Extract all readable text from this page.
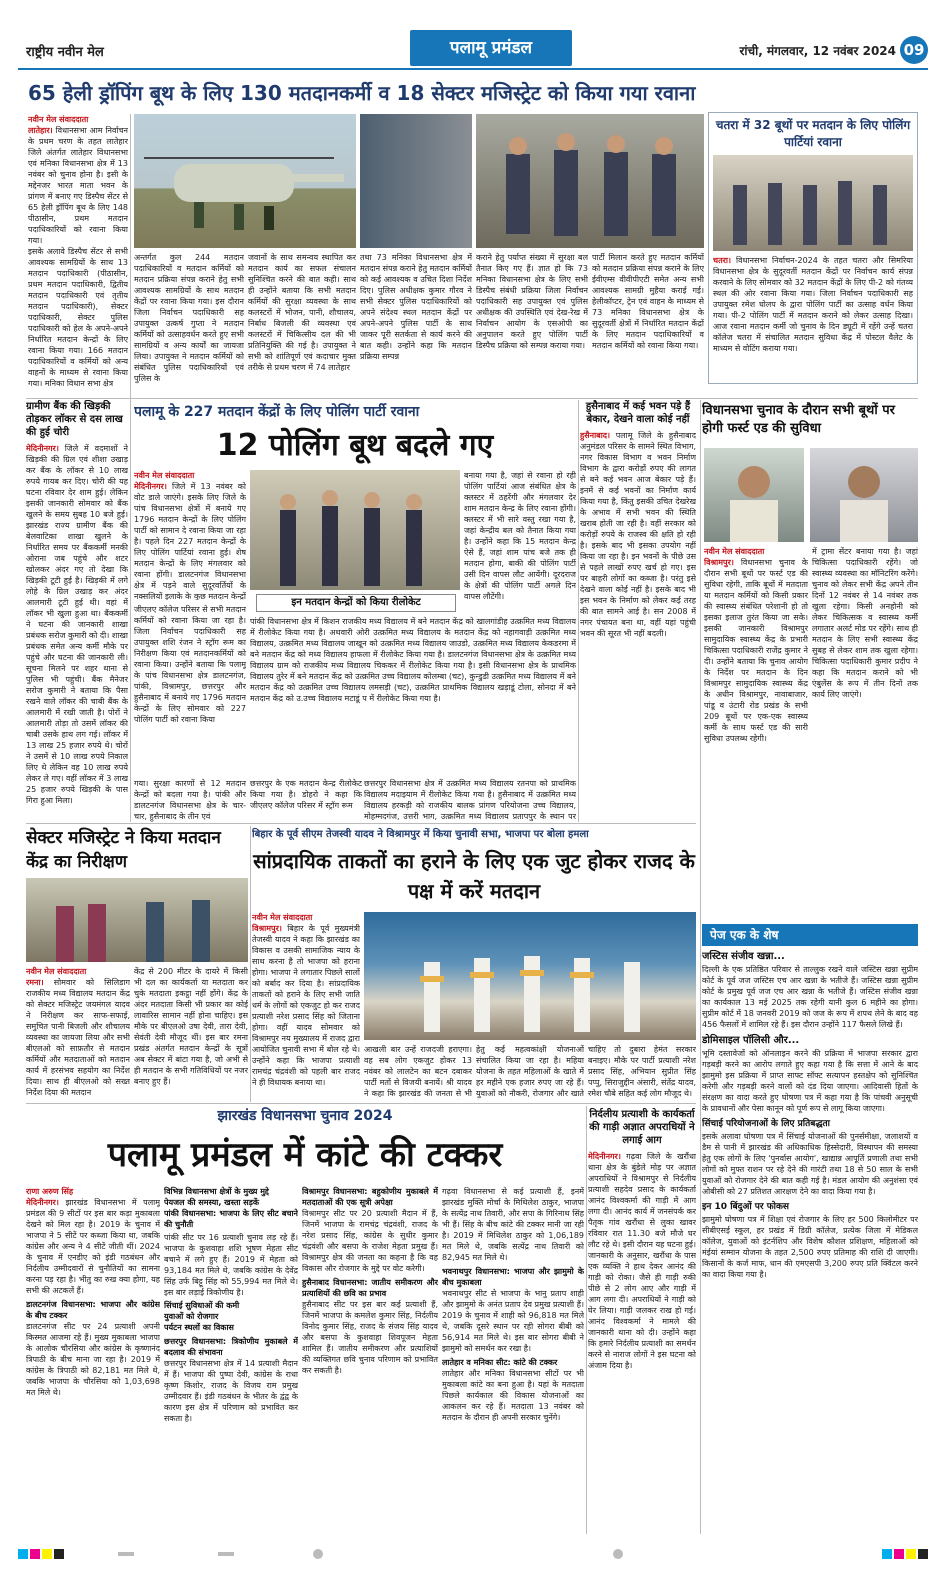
राष्ट्रीय नवीन मेल	पलामू प्रमंडल	रांची, मंगलवार, 12 नवंबर 2024 09
65 हेली ड्रॉपिंग बूथ के लिए 130 मतदानकर्मी व 18 सेक्टर मजिस्ट्रेट को किया गया रवाना
नवीन मेल संवाददाता

लातेहार। विधानसभा आम निर्वाचन के प्रथम चरण के तहत लातेहार जिले अंतर्गत लातेहार विधानसभा एवं मनिका विधानसभा क्षेत्र में 13 नवंबर को चुनाव होना है। इसी के मद्देनजर भारत माता भवन के प्रांगण में बनाए गए डिस्पैच सेंटर से 65 हेली ड्रॉपिंग बूथ के लिए 148 पीठासीन, प्रथम मतदान पदाधिकारियों को रवाना किया गया।

इसके अलावे डिस्पैच सेंटर से सभी आवश्यक सामग्रियों के साथ 13 मतदान पदाधिकारी (पीठासीन, प्रथम मतदान पदाधिकारी, द्वितीय मतदान पदाधिकारी एवं तृतीय मतदान पदाधिकारी), सेक्टर पदाधिकारी, सेक्टर पुलिस पदाधिकारी को हेल के अपने-अपने निर्धारित मतदान केन्द्रों के लिए रवाना किया गया। 166 मतदान पदाधिकारियों व कर्मियों को अन्य वाहनों के माध्यम से रवाना किया गया। मनिका विधान सभा क्षेत्र

अन्तर्गत कुल 244 मतदान पदाधिकारियों व मतदान कर्मियों को मतदान प्रक्रिया संपन्न कराने हेतु सभी आवश्यक सामग्रियों के साथ मतदान केंद्रों पर रवाना किया गया। इस दौरान जिला निर्वाचन पदाधिकारी सह उपायुक्त उत्कर्ष गुप्ता ने मतदान कर्मियों को उत्साहवर्धन करते हुए सभी सामग्रियों व अन्य कार्यों का जायजा लिया। उपायुक्त ने मतदान कर्मियों को संबंधित पुलिस पदाधिकारियों एवं पुलिस के
जवानों के साथ समन्वय स्थापित कर मतदान कार्य का सफल संचालन सुनिश्चित करने की बात कही। साथ ही उन्होंने बताया कि सभी मतदान कर्मियों की सुरक्षा व्यवस्था के साथ कलस्टरों में भोजन, पानी, शौचालय, निर्बाध बिजली की व्यवस्था एवं कलस्टरों में चिकित्सीय दल की भी प्रतिनियुक्ति की गई है। उपायुक्त ने सभी को शांतिपूर्ण एवं कदाचार मुक्त तरीके से प्रथम चरण में 74 लातेहार
तथा 73 मनिका विधानसभा क्षेत्र में मतदान संपन्न कराने हेतु मतदान कर्मियों को कई आवश्यक व उचित दिशा निर्देश दिए। पुलिस अधीक्षक कुमार गौरव ने सभी सेक्टर पुलिस पदाधिकारियों को अपने संदेश्य स्थल मतदान केंद्रों पर अपने-अपने पुलिस पार्टी के साथ जाकर पूरी सतर्कता से कार्य करने की बात कही। उन्होंने कहा कि मतदान प्रक्रिया सम्पन्न
कराने हेतु पर्याप्त संख्या में सुरक्षा बल तैनात किए गए हैं। ज्ञात हो कि 73 मनिका विधानसभा क्षेत्र के लिए सभी डिस्पैच संबंधी प्रक्रिया जिला निर्वाचन पदाधिकारी सह उपायुक्त एवं पुलिस अधीक्षक की उपस्थिति एवं देख-रेख में निर्वाचन आयोग के एसओपी का अनुपालन करते हुए पोलिंग पार्टी डिस्पैच प्रक्रिया को सम्पन्न कराया गया।
पार्टी मिलान करते हुए मतदान कर्मियों को मतदान प्रक्रिया संपन्न कराने के लिए ईवीएम्स वीवीपीएटी समेत अन्य सभी आवश्यक सामग्री मुहैया कराई गई। हेलीकॉप्टर, ट्रेन एवं वाहन के माध्यम से 73 मनिका विधानसभा क्षेत्र के सुदूरवर्ती क्षेत्रों में निर्धारित मतदान केंद्रों के लिए मतदान पदाधिकारियों व मतदान कर्मियों को रवाना किया गया।
चतरा में 32 बूथों पर मतदान के लिए पोलिंग पार्टियां रवाना
चतरा। विधानसभा निर्वाचन-2024 के तहत चतरा और सिमरिया विधानसभा क्षेत्र के सुदूरवर्ती मतदान केंद्रों पर निर्वाचन कार्य संपन्न करवाने के लिए सोमवार को 32 मतदान केंद्रों के लिए पी-2 को गंतव्य स्थल की ओर रवाना किया गया। जिला निर्वाचन पदाधिकारी सह उपायुक्त रमेश घोलप के द्वारा पोलिंग पार्टी का उत्साह वर्धन किया गया। पी-2 पोलिंग पार्टी में मतदान कराने को लेकर उत्साह दिखा। आज रवाना मतदान कर्मी जो चुनाव के दिन ड्यूटी में रहेंगे उन्हें चतरा कॉलेज चतरा में संचालित मतदान सुविधा केंद्र में पोस्टल वैलेट के माध्यम से वोटिंग कराया गया।
ग्रामीण बैंक की खिड़की तोड़कर लॉकर से दस लाख की हुई चोरी
मेदिनीनगर। जिले में वदमाशों ने खिड़की की ग्रिल एवं शीशा उखाड़ कर बैंक के लॉकर से 10 लाख रुपये गायब कर दिए। चोरी की यह घटना रविवार देर शाम हुई। लेकिन इसकी जानकारी सोमवार को बैंक खुलने के समय सुबह 10 बजे हुई। झारखंड राज्य ग्रामीण बैंक की बेलवाटिका शाखा खुलने के निर्धारित समय पर बैंककर्मी मनकी ओराना जब पहुंचे और शटर खोलकर अंदर गए तो देखा कि खिड़की टूटी हुई है। खिड़की में लगे लोहे के ग्रिल उखाड़ कर अंदर आलमारी टूटी हुई थी। वहां में लॉकर भी खुला हुआ था। बैंककर्मी ने घटना की जानकारी शाखा प्रबंधक सरोज कुमारी को दी। शाखा प्रबंधक समेत अन्य कर्मी मौके पर पहुंचे और घटना की जानकारी ली। सूचना मिलने पर शहर थाना से पुलिस भी पहुंची। बैंक मैनेजर सरोज कुमारी ने बताया कि पैसा रखने वाले लॉकर की चाबी बैंक के आलमारी में रखी जाती है। पोरों ने आलमारी तोड़ा तो उसमें लॉकर की चाबी उसके हाथ लग गई। लॉकर में 13 लाख 25 हजार रुपये थे। चोरों ने उसमें से 10 लाख रुपये निकाल लिए थे लेकिन वह 10 लाख रुपये लेकर ले गए। वहीं लॉकर में 3 लाख 25 हजार रुपये खिड़की के पास गिरा हुआ मिला।
पलामू के 227 मतदान केंद्रों के लिए पोलिंग पार्टी रवाना
12 पोलिंग बूथ बदले गए
नवीन मेल संवाददाता
मेदिनीनगर। जिले में 13 नवंबर को वोट डाले जाएंगे। इसके लिए जिले के पांच विधानसभा क्षेत्रों में बनाये गए 1796 मतदान केन्द्रों के लिए पोलिंग पार्टी को सामान दे रवाना किया जा रहा है। पहले दिन 227 मतदान केन्द्रों के लिए पोलिंग पार्टियां रवाना हुई। शेष मतदान केन्द्रों के लिए मंगलवार को रवाना होंगी। डालटनगंज विधानसभा क्षेत्र में पड़ने वाले सुदूरवर्तियों के नक्सलियों इलाके के कुछ मतदान केन्द्रों
बनाया गया है, जहां से रवाना हो रही पोलिंग पार्टियां आज संबंधित क्षेत्र के क्लस्टर में ठहरेंगी और मंगलवार देर शाम मतदान केन्द्र के लिए रवाना होंगी। क्लस्टर में भी सारे वस्तु रखा गया है, जहां केन्द्रीय बल को तैनात किया गया है। उन्होंने कहा कि 15 मतदान केन्द्र ऐसे हैं, जहां शाम पांच बजे तक ही मतदान होगा, बाकी की पोलिंग पार्टी उसी दिन वापस लौट आयेंगी। दूरदराज के क्षेत्रों की पोलिंग पार्टी अगले दिन वापस लौटेंगी।
इन मतदान केन्द्रों को किया रीलोकेट
जीएलए कॉलेज परिसर से सभी मतदान कर्मियों को रवाना किया जा रहा है। जिला निर्वाचन पदाधिकारी सह उपायुक्त शशि रंजन ने स्ट्रॉग रूम का निरीक्षण किया एवं मतदानकर्मियों को रवाना किया। उन्होंने बताया कि पलामू के पांच विधानसभा क्षेत्र डालटनगंज, पांकी, विश्रामपुर, छत्तरपुर और हुसैनाबाद में बनाये गए 1796 मतदान केन्द्रों के लिए सोमवार को 227 पोलिंग पार्टी को रवाना किया
पांकी विधानसभा क्षेत्र में किशन राजकीय मध्य विद्यालय में बने मतदान केंद्र को खालगांडीह उत्क्रमित मध्य विद्यालय में रीलोकेट किया गया है। अथवारी ओरी उत्क्रमित मध्य विद्यालय के मतदान केंद्र को नहागवाड़ी उत्क्रमित मध्य विद्यालय, उत्क्रमित मध्य विद्यालय जाखून को उत्क्रमित मध्य विद्यालय जाउडो, उत्क्रमित मध्य विद्यालय केकडरमा में बने मतदान केंद्र को मध्य विद्यालय हाफला में रीलोकेट किया गया है। डालटनगंज विधानसभा क्षेत्र के उत्क्रमित मध्य विद्यालय ग्राम को राजकीय मध्य विद्यालय चिककर में रीलोकेट किया गया है। इसी विधानसभा क्षेत्र के प्राथमिक विद्यालय तुरेर में बने मतदान केंद्र को उत्क्रमित उच्च विद्यालय कोलम्बा (चट), कुन्डुडी उत्क्रमित मध्य विद्यालय में बने मतदान केंद्र को उत्क्रमित उच्च विद्यालय लमसड़ी (चट), उत्क्रमित प्राथमिक विद्यालय खड़ाडूं टोला, सोनदा में बने मतदान केंद्र को उ.उच्च विद्यालय मटाडूं प में रीलोकेट किया गया है।
गया। सुरक्षा कारणों से 12 मतदान केन्द्रों को बदला गया है। पांकी और डालटनगंज विधानसभा क्षेत्र के चार-चार, हुसैनाबाद के तीन एवं
छत्तरपुर के एक मतदान केन्द्र रीलोकेट किया गया है। डोहरो ने कहा कि जीएलए कॉलेज परिसर में स्ट्रॉग रूम
छत्तरपुर विधानसभा क्षेत्र में उत्क्रमित मध्य विद्यालय रतनपा को प्राथमिक विद्यालय मदाइयाम में रीलोकेट किया गया है। हुसैनाबाद में उत्क्रमित मध्य विद्यालय हरकड़ी को राजकीय बालक प्रांगण परियोजना उच्च विद्यालय, मोहम्मदगंज, उत्तरी भाग, उत्क्रमित मध्य विद्यालय प्रतापपुर के स्थान पर
हुसैनाबाद में कई भवन पड़े हैं बेकार, देखने वाला कोई नहीं
हुसैनाबाद। पलामू जिले के हुसैनाबाद अनुमंडल परिसर के सामने स्थित विभाग, नगर विकास विभाग व भवन निर्माण विभाग के द्वारा करोड़ों रुपए की लागत से बने कई भवन आज बेकार पड़े हैं। इनमें से कई भवनों का निर्माण कार्य किया गया है, किंतु इसकी उचित देखरेख के अभाव में सभी भवन की स्थिति खराब होती जा रही है। वहीं सरकार को करोड़ों रुपये के राजस्व की क्षति हो रही है। इसके बाद भी इसका उपयोग नहीं किया जा रहा है। इन भवनों के पीछे उस से पहले लाखों रुपए खर्च हो गए। इस पर बाहरी लोगों का कब्जा है। परंतु इसे देखने वाला कोई नहीं है। इसके बाद भी इस भवन के निर्माण को लेकर कई तरह की बात सामने आई है। सन 2008 में नगर पंचायत बना था, वहीं यहां पहुंची भवन की सूरत भी नहीं बदली।
विधानसभा चुनाव के दौरान सभी बूथों पर होगी फर्स्ट एड की सुविधा
नवीन मेल संवाददाता
विश्रामपुर। विधानसभा चुनाव के दौरान सभी बूथों पर फर्स्ट एड की सुविधा रहेगी, ताकि बूथों में मतदाता या मतदान कर्मियों को किसी प्रकार की स्वास्थ्य संबंधित परेशानी हो तो इसका इलाज तुरंत किया जा सके। इसकी जानकारी विश्रामपुर सामुदायिक स्वास्थ्य केंद्र के प्रभारी चिकित्सा पदाधिकारी राजेंद्र कुमार ने दी। उन्होंने बताया कि चुनाव आयोग के निर्देश पर मतदान के दिन विश्रामपुर सामुदायिक स्वास्थ्य केंद्र के अधीन विश्रामपुर, नावाबाजार, पांडू व उंटारी रोड प्रखंड के सभी 209 बूथों पर एक-एक स्वास्थ्य कर्मी के साथ फर्स्ट एड की सारी सुविधा उपलब्ध रहेगी।
में ट्रामा सेंटर बनाया गया है। जहां चिकित्सा पदाधिकारी रहेंगे। जो स्वास्थ्य व्यवस्था का मॉनिटरिंग करेंगे। चुनाव को लेकर सभी केंद्र अपने तीन दिनों 12 नवंबर से 14 नवंबर तक खुला रहेगा। किसी अनहोनी को लेकर चिकित्सक व स्वास्थ्य कर्मी लगातार अलर्ट मोड पर रहेंगे। साथ ही मतदान के लिए सभी स्वास्थ्य केंद्र सुबह से लेकर शाम तक खुला रहेगा। चिकित्सा पदाधिकारी कुमार प्रदीप ने कहा कि मतदान कराने को भी एंबुलेंस के रूप में तीन दिनों तक कार्य लिए जाएंगे।
सेक्टर मजिस्ट्रेट ने किया मतदान केंद्र का निरीक्षण
नवीन मेल संवाददाता
रमना। सोमवार को सिलिडाग राजकीय मध्य विद्यालय मतदान केंद्र को सेक्टर मजिस्ट्रेट जयमंगल यादव ने निरीक्षण कर साफ-सफाई, समुचित पानी बिजली और शौचालय व्यवस्था का जायजा लिया और सभी बीएलओ को साफ़तौर से मतदान कर्मियों और मतदाताओं को मतदान कार्य में हरसंभव सहयोग का निर्देश दिया। साथ ही बीएलओ को सख्त निर्देश दिया की मतदान
केंद्र से 200 मीटर के दायरे में किसी भी दल का कार्यकर्ता या मतदाता कर चुके मतदाता इकट्ठा नहीं होंगे। केंद्र के अंदर मतदाता किसी भी प्रकार का कोई लावारिस सामान नहीं होना चाहिए। इस मौके पर बीएलओ उषा देवी, तारा देवी, सेवंती देवी मौजूद थीं। इस बार रमना प्रखंड अंतर्गत मतदान केन्द्रों के सूत्रों अब सेक्टर में बांटा गया है, जो अभी से ही मतदान के सभी गतिविधियों पर नजर बनाए हुए हैं।
बिहार के पूर्व सीएम तेजस्वी यादव ने विश्रामपुर में किया चुनावी सभा, भाजपा पर बोला हमला
सांप्रदायिक ताकतों का हराने के लिए एक जुट होकर राजद के पक्ष में करें मतदान
नवीन मेल संवाददाता
विश्रामपुर। बिहार के पूर्व मुख्यमंत्री तेजस्वी यादव ने कहा कि झारखंड का विकास व उसकी सामाजिक न्याय के साथ करना है तो भाजपा को हराना होगा। भाजपा ने लगातार पिछले सालों को बर्बाद कर दिया है। सांप्रदायिक ताकतों को हराने के लिए सभी जाति धर्म के लोगों को एकजुट हो कर राजद प्रत्याशी नरेश प्रसाद सिंह को जिताना होगा। वहीं यादव सोमवार को विश्रामपुर नय मुख्यालय में राजद द्वारा आयोजित चुनावी सभा में बोल रहे थे। उन्होंने कहा कि भाजपा प्रत्याशी रामचंद्र चंद्रवंशी को पहली बार राजद ने ही विधायक बनाया था।
आखली बार उन्हें राजदजी हराएगा। वह सब लोग एकजुट होकर 13 नवंबर को लालटेन का बटन दबाकर पार्टी मतों से विजयी बनायें। श्री यादव ने कहा कि झारखंड की जनता से भी
हेतु कई महत्वकांक्षी योजनाओं संचालित किया जा रहा है। महिया योजना के तहत महिलाओं के खाते में हर महीने एक हजार रुपए जा रहे हैं। युवाओं को नौकरी, रोजगार और खाते
चाहिए तो दुबारा हेमंत सरकार बनाइए। मौके पर पार्टी प्रत्याशी नरेश प्रसाद सिंह, अभियान सुप्रीत सिंह पप्पु, सिराजुद्दीन अंसारी, संतेंद्र यादव, रमेश चौबे सहित कई लोग मौजूद थे।
निर्दलीय प्रत्याशी के कार्यकर्ता की गाड़ी अज्ञात अपराधियों ने लगाई आग
मेदिनीनगर। गढ़वा जिले के खरौंधा थाना क्षेत्र के बुंडेले मोड़ पर अज्ञात अपराधियों ने विश्रामपुर से निर्दलीय प्रत्याशी सहदेव प्रसाद के कार्यकर्ता आनंद विश्वकर्मा की गाड़ी में आग लगा दी। आनंद कार्य में जनसंपर्क कर पैतृक गांव खरौंधा से लुका खावर रविवार रात 11.30 बजे मौजे घर लौट रहे थे। इसी दौरान यह घटना हुई। जानकारी के अनुसार, खरौंधा के पास एक व्यक्ति ने हाथ देकर आनंद की गाड़ी को रोका। जैसे ही गाड़ी रुकी पीछे से 2 लोग आए और गाड़ी में आग लगा दी। अपराधियों ने गाड़ी को घेर लिया। गाड़ी जलकर राख हो गई। आनंद विश्वकर्मा ने मामले की जानकारी थाना को दी। उन्होंने कहा कि हमारे निर्दलीय प्रत्याशी का समर्थन करने से नाराज लोगों ने इस घटना को अंजाम दिया है।
पेज एक के शेष
जस्टिस संजीव खन्ना...
दिल्ली के एक प्रतिष्ठित परिवार से ताल्लुक रखने वाले जस्टिस खन्ना सुप्रीम कोर्ट के पूर्व जज जस्टिस एच आर खन्ना के भतीजे हैं। जस्टिस खन्ना सुप्रीम कोर्ट के प्रमुख पूर्व जज एच आर खन्ना के भतीजे हैं। जस्टिस संजीव खन्ना का कार्यकाल 13 मई 2025 तक रहेगी यानी कुल 6 महीने का होगा। सुप्रीम कोर्ट में 18 जनवरी 2019 को जज के रूप में शपथ लेने के बाद वह 456 फैसलों में शामिल रहे हैं। इस दौरान उन्होंने 117 फैसले लिखे हैं।
डोमिसाइल पॉलिसी और...
भूमि दस्तावेजों को ऑनलाइन करने की प्रक्रिया में भाजपा सरकार द्वारा गड़बड़ी करने का आरोप लगाते हुए कहा गया है कि सत्ता में आने के बाद झामुमो इस प्रक्रिया में प्राप्त साफ्ट सॉफ्ट सत्यापन हस्तक्षेप को सुनिश्चित करेगी और गड़बड़ी करने वालों को दंड दिया जाएगा। आदिवासी हितों के संरक्षण का वादा करते हुए घोषणा पत्र में कहा गया है कि पांचवी अनुसूची के प्रावधानों और पेसा कानून को पूर्ण रूप से लागू किया जाएगा।
सिंचाई परियोजनाओं के लिए प्रतिबद्धता
इसके अलावा घोषणा पत्र में सिंचाई योजनाओं की पुनर्समीक्षा, जलाशयों व डैम से पानी में झारखंड की अधिकाधिक हिस्सेदारी, विस्थापन की समस्या हेतु एक लोगों के लिए 'पुनर्वास आयोग', खाद्यान्न आपूर्ति प्रणाली तथा सभी लोगों को मुफ्त राशन पर रहे देने की गारंटी तथा 18 से 50 साल के सभी युवाओं को रोजगार देने की बात कही गई है। मंडल आयोग की अनुशंसा एवं ओबीसी को 27 प्रतिशत आरक्षण देने का वादा किया गया है।
इन 10 बिंदुओं पर फोकस
झामुमो घोषणा पत्र में शिक्षा एवं रोजगार के लिए हर 500 किलोमीटर पर सीबीएसई स्कूल, हर प्रखंड में डिग्री कॉलेज, प्रत्येक जिला में मेडिकल कॉलेज, युवाओं को इंटर्नशिप और विशेष कौशल प्रशिक्षण, महिलाओं को मंईयां सम्मान योजना के तहत 2,500 रुपए प्रतिमाह की राशि दी जाएगी। किसानों के कर्ज माफ, धान की एमएसपी 3,200 रुपए प्रति क्विंटल करने का वादा किया गया है।
झारखंड विधानसभा चुनाव 2024
पलामू प्रमंडल में कांटे की टक्कर
राणा अरुण सिंह
मेदिनीनगर। झारखंड विधानसभा में पलामू प्रमंडल की 9 सीटों पर इस बार कड़ा मुकाबला देखने को मिल रहा है। 2019 के चुनाव में भाजपा ने 5 सीटें पर कब्जा किया था, जबकि कांग्रेस और अन्य ने 4 सीटें जीती थीं। 2024 के चुनाव में एनडीए को इंडी गठबंधन और निर्दलीय उम्मीदवारों से चुनौतियों का सामना करना पड़ रहा है। भीतु का रुख क्या होगा, यह सभी की अटकलें हैं।
डालटनगंज विधानसभा: भाजपा और कांग्रेस के बीच टक्कर
डालटनगंज सीट पर 24 प्रत्याशी अपनी किस्मत आजमा रहे हैं। मुख्य मुकाबला भाजपा के आलोक चौरसिया और कांग्रेस के कृष्णानंद त्रिपाठी के बीच माना जा रहा है। 2019 में कांग्रेस के त्रिपाठी को 82,181 मत मिले थे, जबकि भाजपा के चौरसिया को 1,03,698 मत मिले थे।
विभिन्न विधानसभा क्षेत्रों के मुख्य मुद्दे
पेयजल की समस्या, खस्ता सड़कें
पांकी विधानसभा: भाजपा के लिए सीट बचाने की चुनौती
पांकी सीट पर 16 प्रत्याशी चुनाव लड़ रहे हैं। भाजपा के कुशवाहा शशि भूषण मेहता सीट बचाने में लगे हुए हैं। 2019 में मेहता को 93,184 मत मिले थे, जबकि कांग्रेस के देवेंद्र सिंह उर्फ बिट्टू सिंह को 55,994 मत मिले थे। इस बार लड़ाई त्रिकोणीय है।
सिंचाई सुविधाओं की कमी
युवाओं को रोजगार
पर्यटन स्थलों का विकास
छत्तरपुर विधानसभा: त्रिकोणीय मुकाबले में बदलाव की संभावना
छत्तरपुर विधानसभा क्षेत्र में 14 प्रत्याशी मैदान में हैं। भाजपा की पुष्पा देवी, कांग्रेस के राधा कृष्ण किशोर, राजद के विजय राम प्रमुख उम्मीदवार हैं। इंडी गठबंधन के भीतर के द्वंद्व के कारण इस क्षेत्र में परिणाम को प्रभावित कर सकता है।
विश्रामपुर विधानसभा: बहुकोणीय मुकाबले में मतदाताओं की एक सूत्री अपेक्षा
विश्रामपुर सीट पर 20 प्रत्याशी मैदान में हैं, जिनमें भाजपा के रामचंद्र चंद्रवंशी, राजद के नरेश प्रसाद सिंह, कांग्रेस के सुधीर कुमार चंद्रवंशी और बसपा के राजेश मेहता प्रमुख हैं। विश्रामपुर क्षेत्र की जनता का कहना है कि वह विकास और रोजगार के मुद्दे पर वोट करेगी।
हुसैनाबाद विधानसभा: जातीय समीकरण और प्रत्याशियों की छवि का प्रभाव
हुसैनाबाद सीट पर इस बार कई प्रत्याशी हैं, जिनमें भाजपा के कमलेश कुमार सिंह, निर्दलीय विनोद कुमार सिंह, राजद के संजय सिंह यादव और बसपा के कुशवाहा शिवपूजन मेहता शामिल हैं। जातीय समीकरण और प्रत्याशियों की व्यक्तिगत छवि चुनाव परिणाम को प्रभावित कर सकती है।
गढ़वा विधानसभा से कई प्रत्याशी हैं, इनमें झारखंड मुक्ति मोर्चा के मिथिलेश ठाकुर, भाजपा के सत्येंद्र नाथ तिवारी, और सपा के गिरिनाथ सिंह भी हैं। सिंह के बीच कांटे की टक्कर मानी जा रही है। 2019 में मिथिलेश ठाकुर को 1,06,189 मत मिले थे, जबकि सत्येंद्र नाथ तिवारी को 82,945 मत मिले थे।
भवनाथपुर विधानसभा: भाजपा और झामुमो के बीच मुकाबला
भवनाथपुर सीट से भाजपा के भानु प्रताप शाही और झामुमो के अनंत प्रताप देव प्रमुख प्रत्याशी हैं। 2019 के चुनाव में शाही को 96,818 मत मिले थे, जबकि दूसरे स्थान पर रही सोगरा बीबी को 56,914 मत मिले थे। इस बार सोगरा बीबी ने झामुमो को समर्थन कर रखा है।
लातेहार व मनिका सीट: कांटे की टक्कर
लातेहार और मनिका विधानसभा सीटों पर भी मुकाबला कांटे का बना हुआ है। यहां के मतदाता पिछले कार्यकाल की विकास योजनाओं का आकलन कर रहे हैं। मतदाता 13 नवंबर को मतदान के दौरान ही अपनी सरकार चुनेंगे।
